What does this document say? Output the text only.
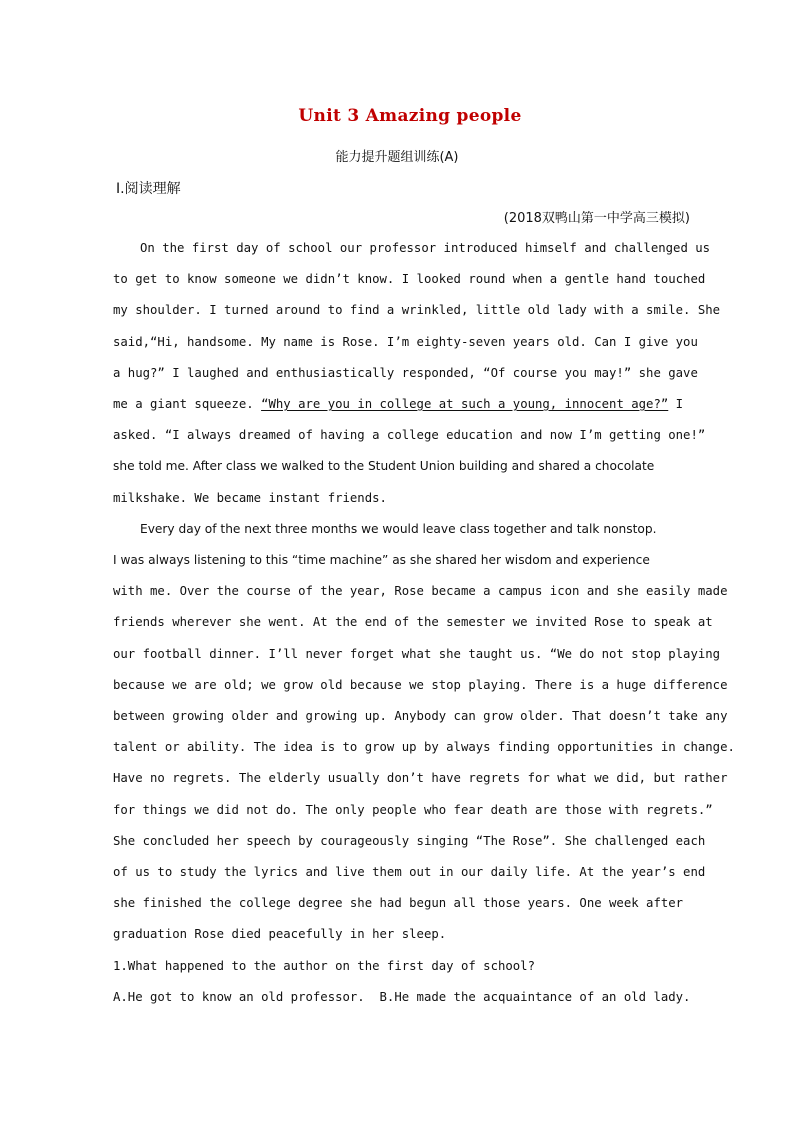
Unit 3 Amazing people
能力提升题组训练(A)
Ⅰ.阅读理解
(2018双鸭山第一中学高三模拟)
On the first day of school our professor introduced himself and challenged us
to get to know someone we didn’t know. I looked round when a gentle hand touched
my shoulder. I turned around to find a wrinkled, little old lady with a smile. She
said,“Hi, handsome. My name is Rose. I’m eighty-seven years old. Can I give you
a hug?” I laughed and enthusiastically responded, “Of course you may!” she gave
me a giant squeeze. “Why are you in college at such a young, innocent age?” I
asked. “I always dreamed of having a college education and now I’m getting one!”
she told me. After class we walked to the Student Union building and shared a chocolate
milkshake. We became instant friends.
Every day of the next three months we would leave class together and talk nonstop.
I was always listening to this “time machine” as she shared her wisdom and experience
with me. Over the course of the year, Rose became a campus icon and she easily made
friends wherever she went. At the end of the semester we invited Rose to speak at
our football dinner. I’ll never forget what she taught us. “We do not stop playing
because we are old; we grow old because we stop playing. There is a huge difference
between growing older and growing up. Anybody can grow older. That doesn’t take any
talent or ability. The idea is to grow up by always finding opportunities in change.
Have no regrets. The elderly usually don’t have regrets for what we did, but rather
for things we did not do. The only people who fear death are those with regrets.”
She concluded her speech by courageously singing “The Rose”. She challenged each
of us to study the lyrics and live them out in our daily life. At the year’s end
she finished the college degree she had begun all those years. One week after
graduation Rose died peacefully in her sleep.
1.What happened to the author on the first day of school?
A.He got to know an old professor.  B.He made the acquaintance of an old lady.
